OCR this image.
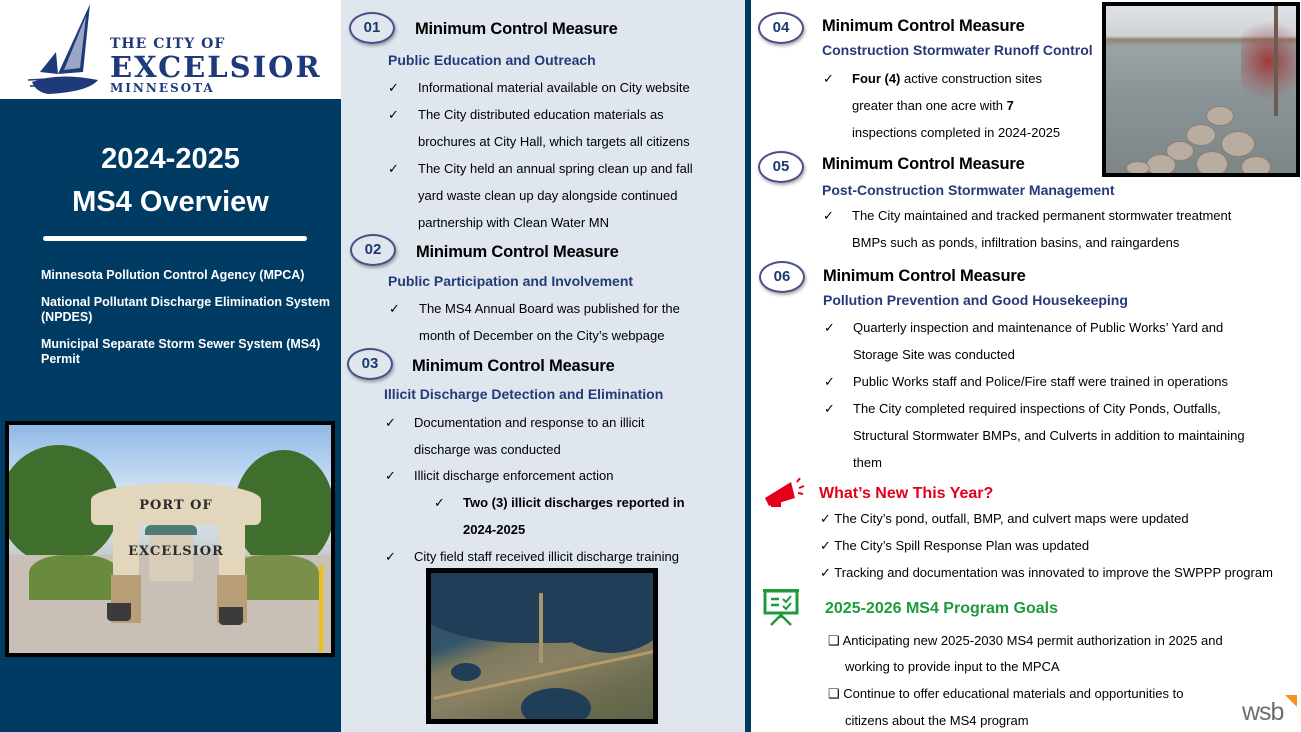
THE CITY OF
EXCELSIOR
MINNESOTA
2024-2025
MS4 Overview
Minnesota Pollution Control Agency (MPCA)
National Pollutant Discharge Elimination System (NPDES)
Municipal Separate Storm Sewer System (MS4) Permit
PORT OF EXCELSIOR
01	Minimum Control Measure
Public Education and Outreach
✓ Informational material available on City website
✓ The City distributed education materials as
brochures at City Hall, which targets all citizens
✓ The City held an annual spring clean up and fall
yard waste clean up day alongside continued
partnership with Clean Water MN
02	Minimum Control Measure
Public Participation and Involvement
✓ The MS4 Annual Board was published for the
month of December on the City’s webpage
03	Minimum Control Measure
Illicit Discharge Detection and Elimination
✓ Documentation and response to an illicit
discharge was conducted
✓ Illicit discharge enforcement action
✓ Two (3) illicit discharges reported in
2024-2025
✓ City field staff received illicit discharge training
04	Minimum Control Measure
Construction Stormwater Runoff Control
✓ Four (4) active construction sites
greater than one acre with 7
inspections completed in 2024-2025
05	Minimum Control Measure
Post-Construction Stormwater Management
✓ The City maintained and tracked permanent stormwater treatment
BMPs such as ponds, infiltration basins, and raingardens
06	Minimum Control Measure
Pollution Prevention and Good Housekeeping
✓ Quarterly inspection and maintenance of Public Works’ Yard and
Storage Site was conducted
✓ Public Works staff and Police/Fire staff were trained in operations
✓ The City completed required inspections of City Ponds, Outfalls,
Structural Stormwater BMPs, and Culverts in addition to maintaining
them
What’s New This Year?
✓ The City’s pond, outfall, BMP, and culvert maps were updated
✓ The City’s Spill Response Plan was updated
✓ Tracking and documentation was innovated to improve the SWPPP program
2025-2026 MS4 Program Goals
❑ Anticipating new 2025-2030 MS4 permit authorization in 2025 and
working to provide input to the MPCA
❑ Continue to offer educational materials and opportunities to
citizens about the MS4 program	wsb
